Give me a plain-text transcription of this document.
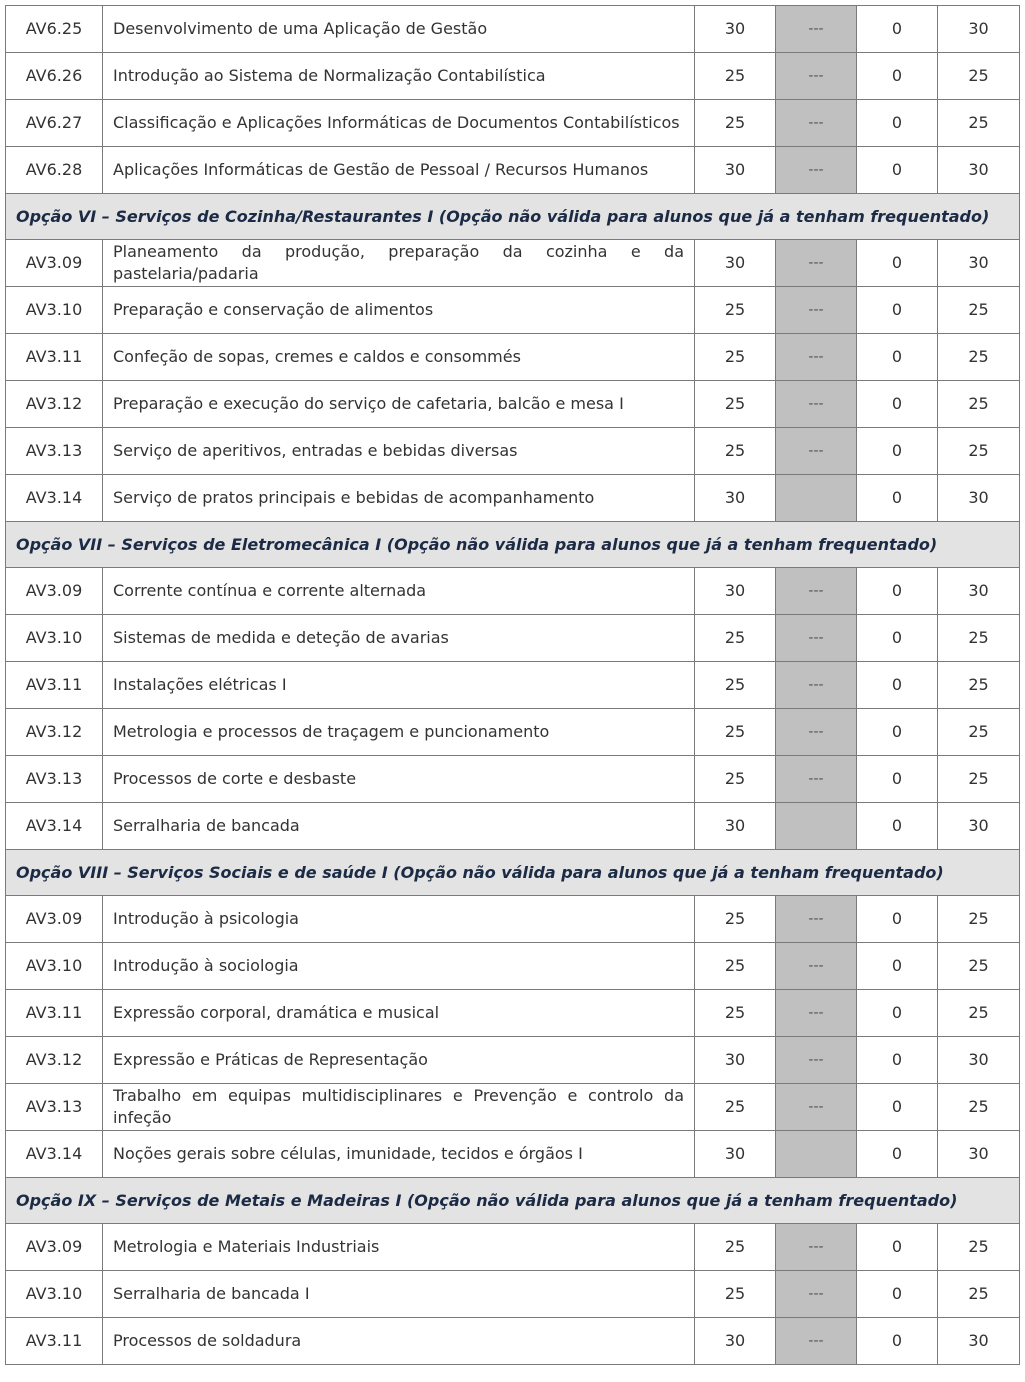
AV6.25	Desenvolvimento de uma Aplicação de Gestão	30	---	0	30
AV6.26	Introdução ao Sistema de Normalização Contabilística	25	---	0	25
AV6.27	Classificação e Aplicações Informáticas de Documentos Contabilísticos	25	---	0	25
AV6.28	Aplicações Informáticas de Gestão de Pessoal / Recursos Humanos	30	---	0	30
Opção VI – Serviços de Cozinha/Restaurantes I (Opção não válida para alunos que já a tenham frequentado)					
AV3.09	Planeamento da produção, preparação da cozinha e da pastelaria/padaria	30	---	0	30
AV3.10	Preparação e conservação de alimentos	25	---	0	25
AV3.11	Confeção de sopas, cremes e caldos e consommés	25	---	0	25
AV3.12	Preparação e execução do serviço de cafetaria, balcão e mesa I	25	---	0	25
AV3.13	Serviço de aperitivos, entradas e bebidas diversas	25	---	0	25
AV3.14	Serviço de pratos principais e bebidas de acompanhamento	30		0	30
Opção VII – Serviços de Eletromecânica I (Opção não válida para alunos que já a tenham frequentado)					
AV3.09	Corrente contínua e corrente alternada	30	---	0	30
AV3.10	Sistemas de medida e deteção de avarias	25	---	0	25
AV3.11	Instalações elétricas I	25	---	0	25
AV3.12	Metrologia e processos de traçagem e puncionamento	25	---	0	25
AV3.13	Processos de corte e desbaste	25	---	0	25
AV3.14	Serralharia de bancada	30		0	30
Opção VIII – Serviços Sociais e de saúde I (Opção não válida para alunos que já a tenham frequentado)					
AV3.09	Introdução à psicologia	25	---	0	25
AV3.10	Introdução à sociologia	25	---	0	25
AV3.11	Expressão corporal, dramática e musical	25	---	0	25
AV3.12	Expressão e Práticas de Representação	30	---	0	30
AV3.13	Trabalho em equipas multidisciplinares e Prevenção e controlo da infeção	25	---	0	25
AV3.14	Noções gerais sobre células, imunidade, tecidos e órgãos I	30		0	30
Opção IX – Serviços de Metais e Madeiras I (Opção não válida para alunos que já a tenham frequentado)					
AV3.09	Metrologia e Materiais Industriais	25	---	0	25
AV3.10	Serralharia de bancada I	25	---	0	25
AV3.11	Processos de soldadura	30	---	0	30
